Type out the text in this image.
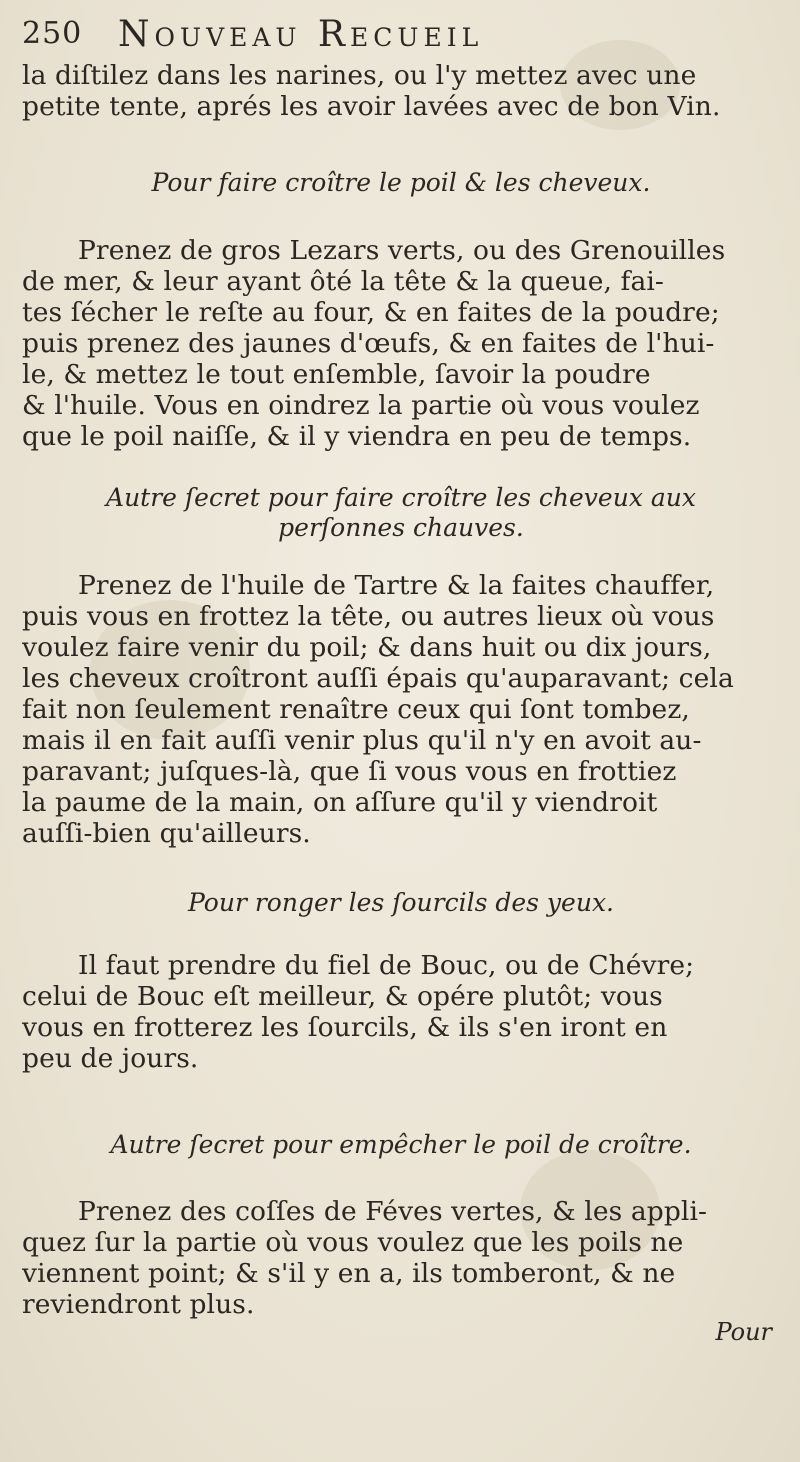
250 Nouveau Recueil
la diſtilez dans les narines, ou l'y mettez avec une
petite tente, aprés les avoir lavées avec de bon Vin.

Pour faire croître le poil & les cheveux.

Prenez de gros Lezars verts, ou des Grenouilles
de mer, & leur ayant ôté la tête & la queue, fai-
tes ſécher le reſte au four, & en faites de la poudre;
puis prenez des jaunes d'œufs, & en faites de l'hui-
le, & mettez le tout enſemble, ſavoir la poudre
& l'huile. Vous en oindrez la partie où vous voulez
que le poil naiſſe, & il y viendra en peu de temps.

Autre ſecret pour faire croître les cheveux aux

perſonnes chauves.

Prenez de l'huile de Tartre & la faites chauffer,
puis vous en frottez la tête, ou autres lieux où vous
voulez faire venir du poil; & dans huit ou dix jours,
les cheveux croîtront auſſi épais qu'auparavant; cela
fait non ſeulement renaître ceux qui ſont tombez,
mais il en fait auſſi venir plus qu'il n'y en avoit au-
paravant; juſques-là, que ſi vous vous en frottiez
la paume de la main, on aſſure qu'il y viendroit
auſſi-bien qu'ailleurs.

Pour ronger les ſourcils des yeux.

Il faut prendre du fiel de Bouc, ou de Chévre;
celui de Bouc eſt meilleur, & opére plutôt; vous
vous en frotterez les ſourcils, & ils s'en iront en
peu de jours.

Autre ſecret pour empêcher le poil de croître.

Prenez des coſſes de Féves vertes, & les appli-
quez ſur la partie où vous voulez que les poils ne
viennent point; & s'il y en a, ils tomberont, & ne
reviendront plus.
Pour
